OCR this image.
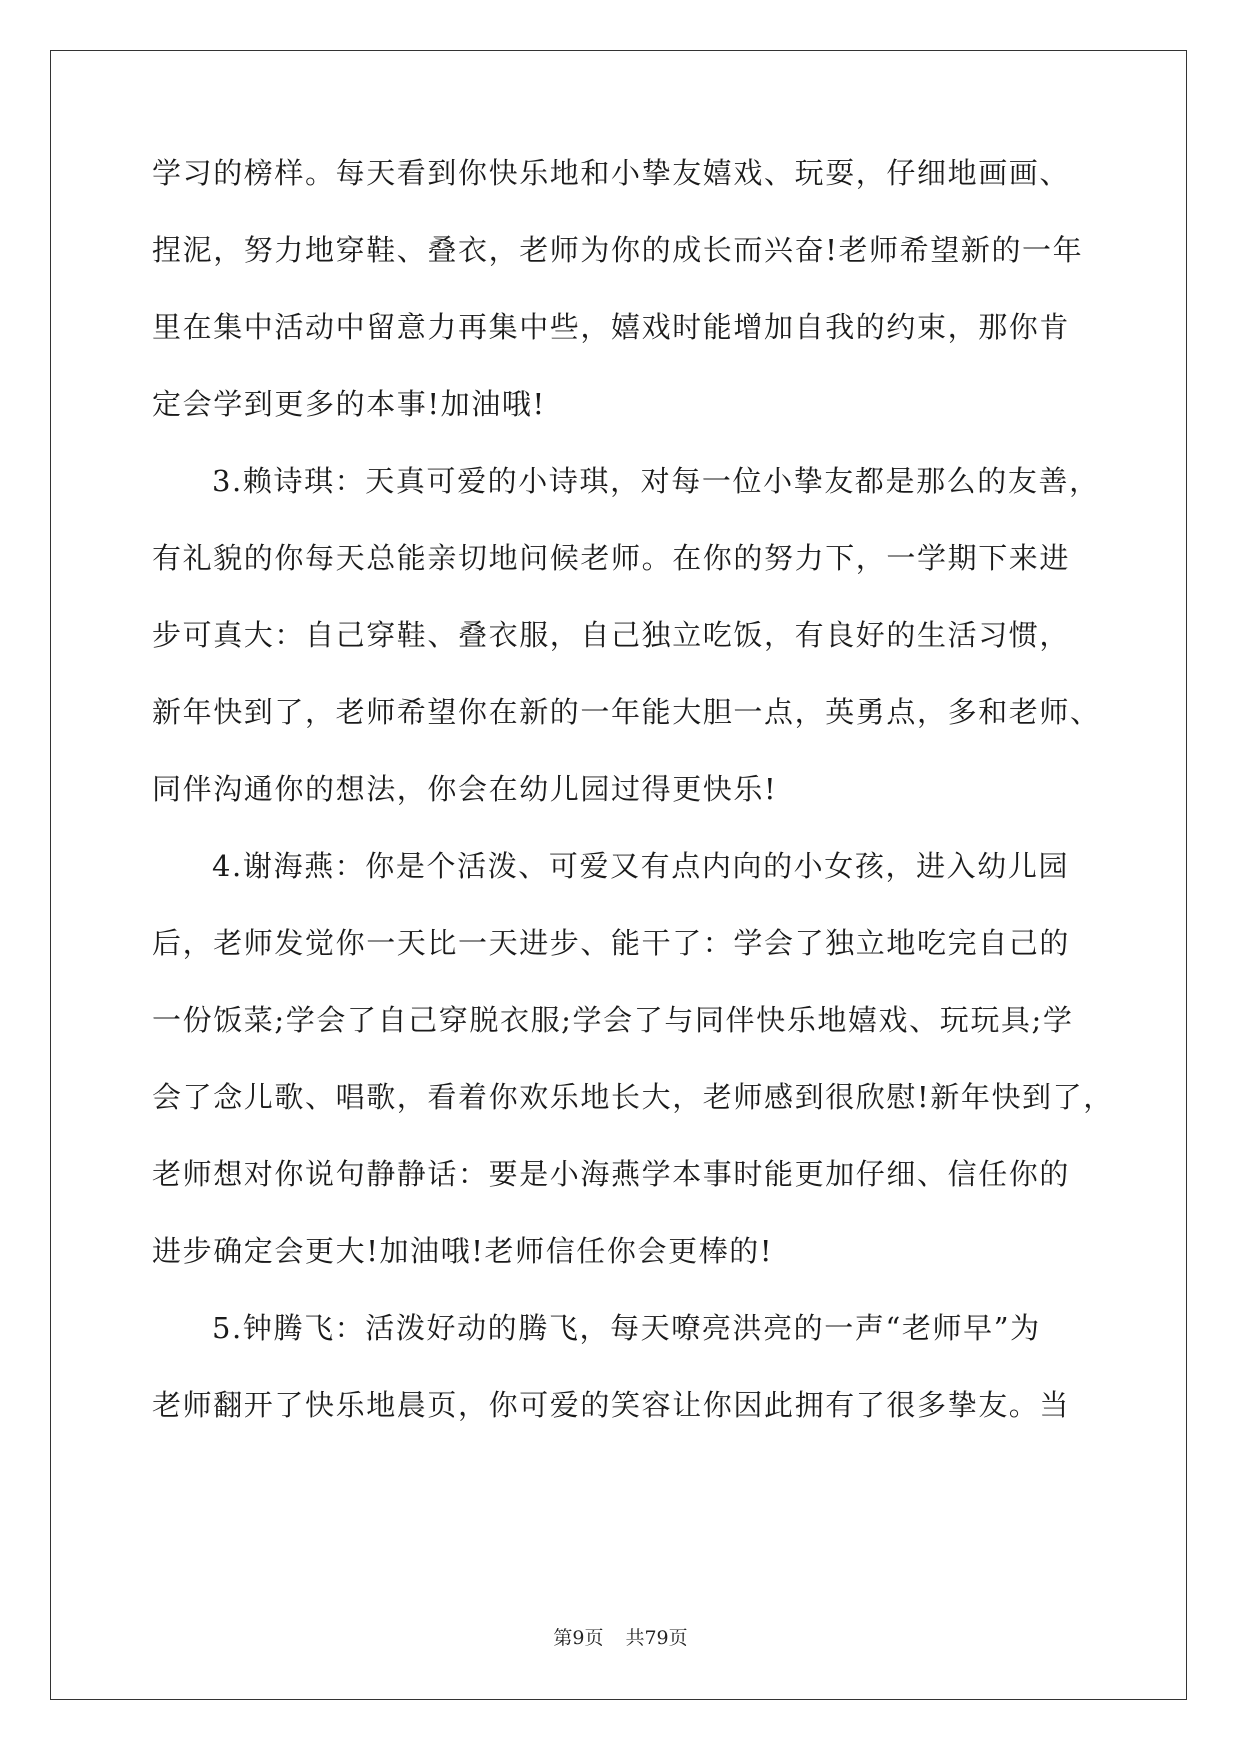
学习的榜样。每天看到你快乐地和小挚友嬉戏、玩耍，仔细地画画、
捏泥，努力地穿鞋、叠衣，老师为你的成长而兴奋!老师希望新的一年
里在集中活动中留意力再集中些，嬉戏时能增加自我的约束，那你肯
定会学到更多的本事!加油哦!
3.赖诗琪：天真可爱的小诗琪，对每一位小挚友都是那么的友善，
有礼貌的你每天总能亲切地问候老师。在你的努力下，一学期下来进
步可真大：自己穿鞋、叠衣服，自己独立吃饭，有良好的生活习惯，
新年快到了，老师希望你在新的一年能大胆一点，英勇点，多和老师、
同伴沟通你的想法，你会在幼儿园过得更快乐!
4.谢海燕：你是个活泼、可爱又有点内向的小女孩，进入幼儿园
后，老师发觉你一天比一天进步、能干了：学会了独立地吃完自己的
一份饭菜;学会了自己穿脱衣服;学会了与同伴快乐地嬉戏、玩玩具;学
会了念儿歌、唱歌，看着你欢乐地长大，老师感到很欣慰!新年快到了，
老师想对你说句静静话：要是小海燕学本事时能更加仔细、信任你的
进步确定会更大!加油哦!老师信任你会更棒的!
5.钟腾飞：活泼好动的腾飞，每天嘹亮洪亮的一声“老师早”为
老师翻开了快乐地晨页，你可爱的笑容让你因此拥有了很多挚友。当
第9页 共79页
